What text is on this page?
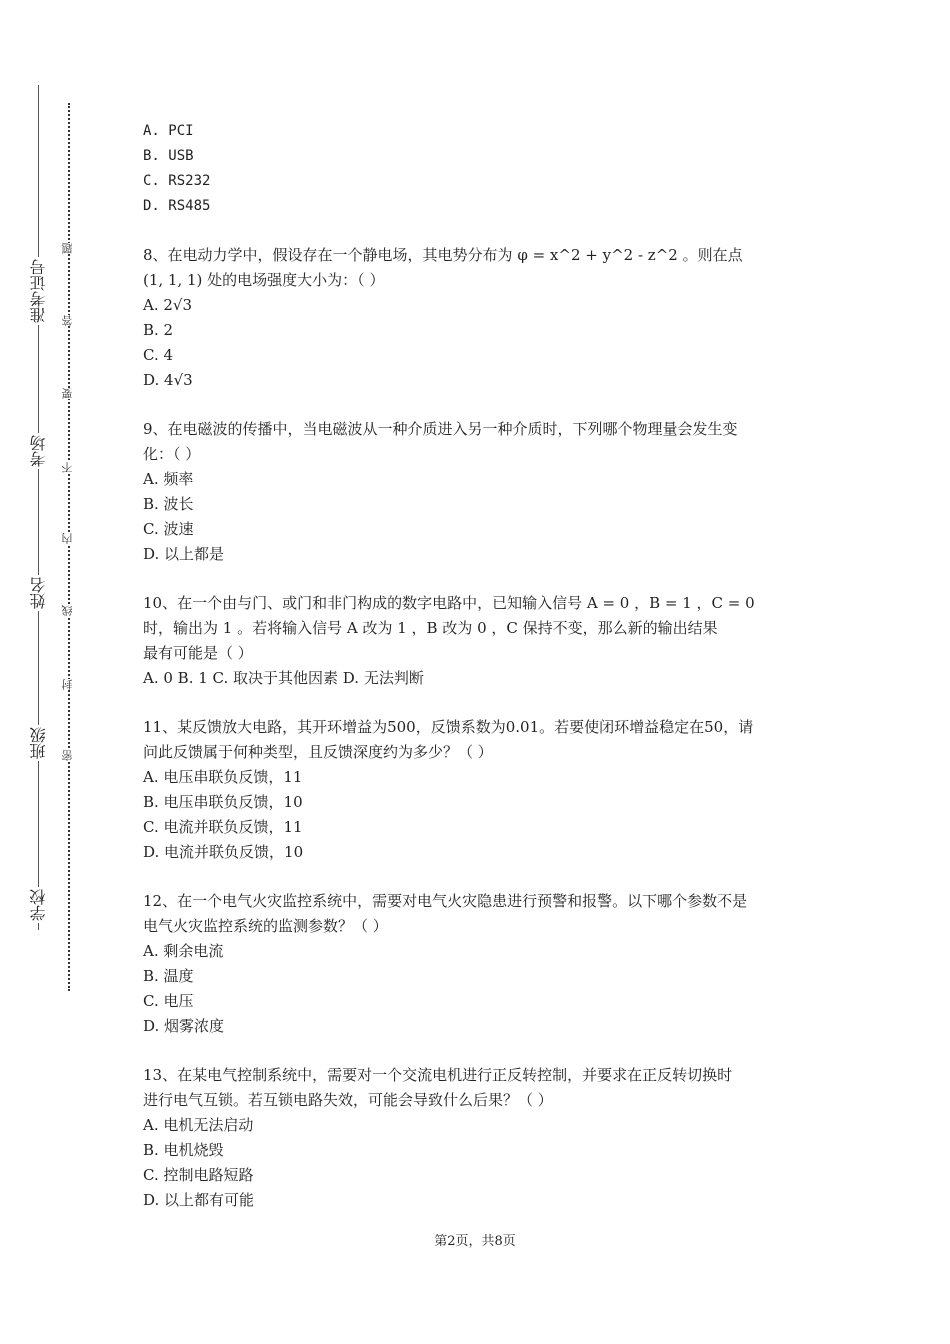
准考证号
考场
姓名
班级
学校
题
答
要
不
内
线
封
密
A. PCI
B. USB
C. RS232
D. RS485
8、在电动力学中，假设存在一个静电场，其电势分布为 φ = x^2 + y^2 - z^2 。则在点
(1, 1, 1) 处的电场强度大小为：（ ）
A. 2√3
B. 2
C. 4
D. 4√3
9、在电磁波的传播中，当电磁波从一种介质进入另一种介质时，下列哪个物理量会发生变
化：（ ）
A. 频率
B. 波长
C. 波速
D. 以上都是
10、在一个由与门、或门和非门构成的数字电路中，已知输入信号 A = 0 ，B = 1 ，C = 0
时，输出为 1 。若将输入信号 A 改为 1 ，B 改为 0 ，C 保持不变，那么新的输出结果
最有可能是（ ）
A. 0 B. 1 C. 取决于其他因素 D. 无法判断
11、某反馈放大电路，其开环增益为500，反馈系数为0.01。若要使闭环增益稳定在50，请
问此反馈属于何种类型，且反馈深度约为多少？（ ）
A. 电压串联负反馈，11
B. 电压串联负反馈，10
C. 电流并联负反馈，11
D. 电流并联负反馈，10
12、在一个电气火灾监控系统中，需要对电气火灾隐患进行预警和报警。以下哪个参数不是
电气火灾监控系统的监测参数？（ ）
A. 剩余电流
B. 温度
C. 电压
D. 烟雾浓度
13、在某电气控制系统中，需要对一个交流电机进行正反转控制，并要求在正反转切换时
进行电气互锁。若互锁电路失效，可能会导致什么后果？（ ）
A. 电机无法启动
B. 电机烧毁
C. 控制电路短路
D. 以上都有可能
第2页，共8页
